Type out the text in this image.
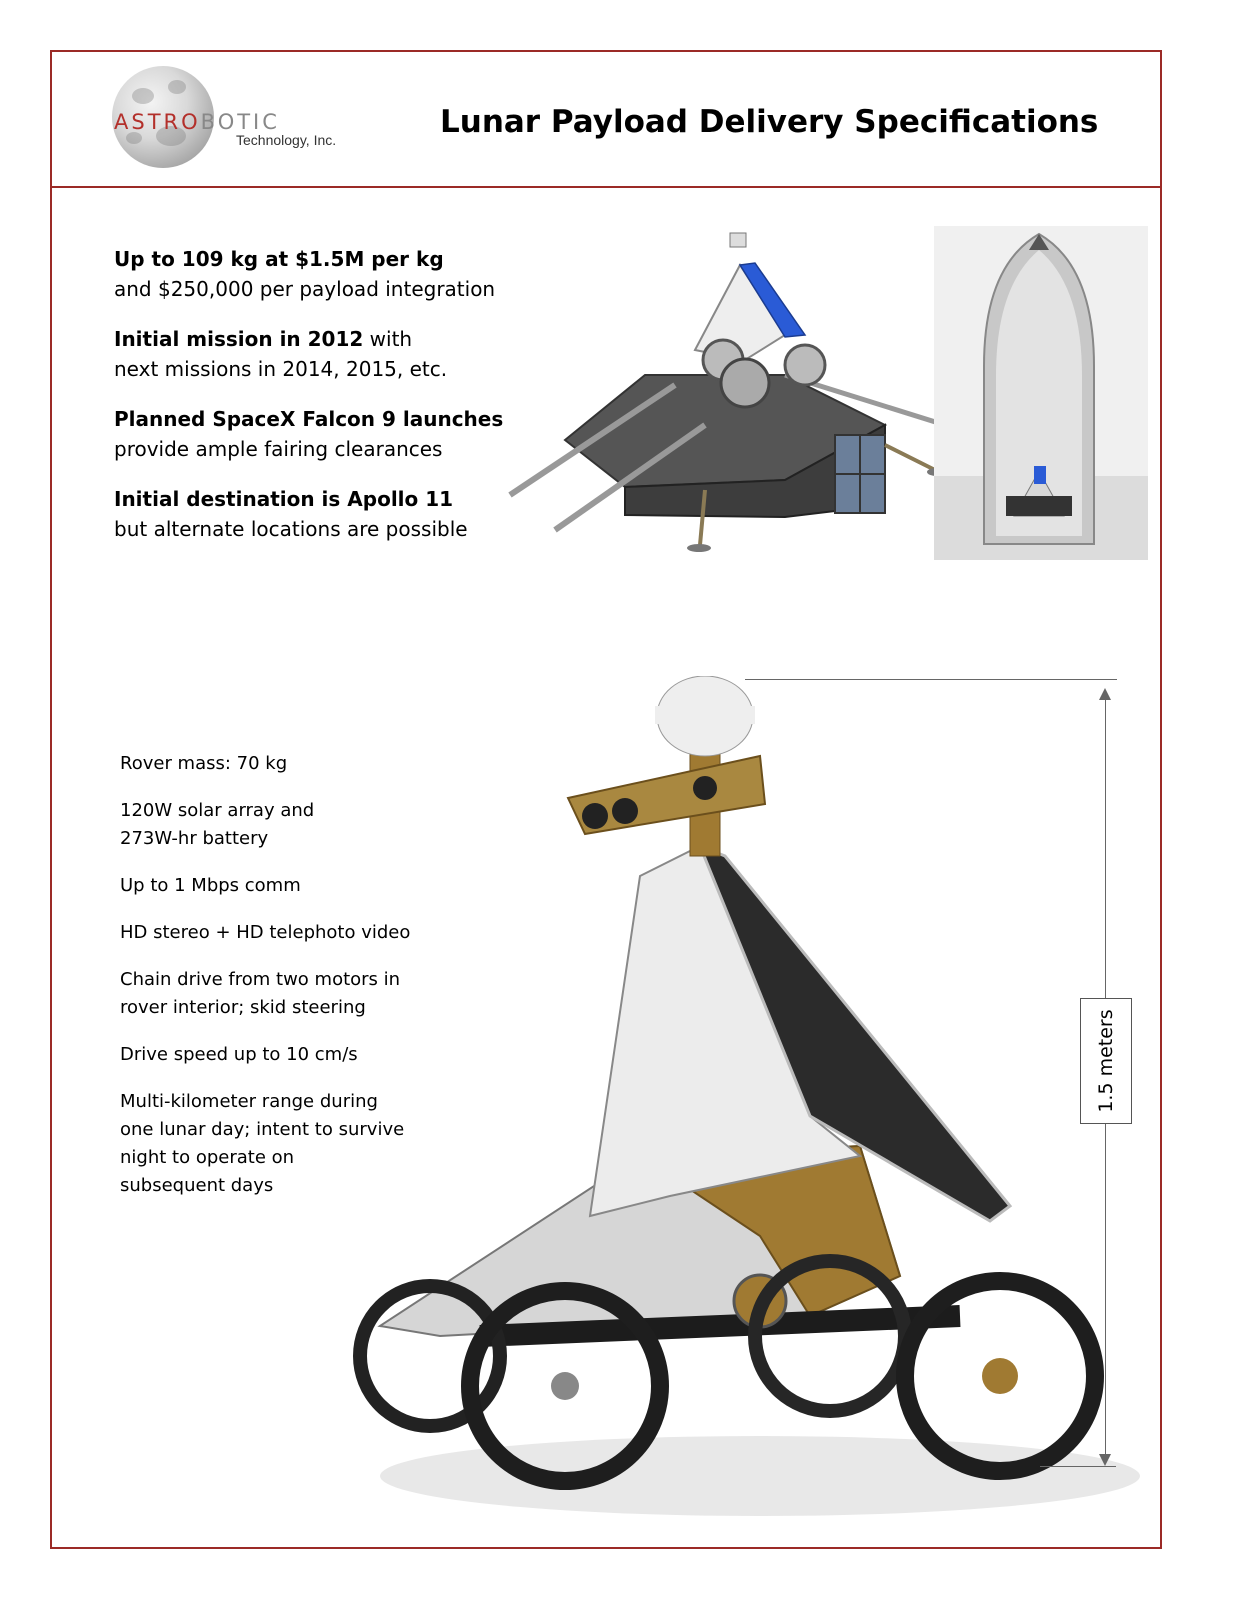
ASTROBOTIC
Technology, Inc.	Lunar Payload Delivery Specifications
Up to 109 kg at $1.5M per kg
and $250,000 per payload integration
Initial mission in 2012 with
next missions in 2014, 2015, etc.
Planned SpaceX Falcon 9 launches
provide ample fairing clearances
Initial destination is Apollo 11
but alternate locations are possible
Rover mass: 70 kg
120W solar array and
273W-hr battery
Up to 1 Mbps comm
HD stereo + HD telephoto video
Chain drive from two motors in
rover interior; skid steering
Drive speed up to 10 cm/s
Multi-kilometer range during
one lunar day; intent to survive
night to operate on
subsequent days
1.5 meters
